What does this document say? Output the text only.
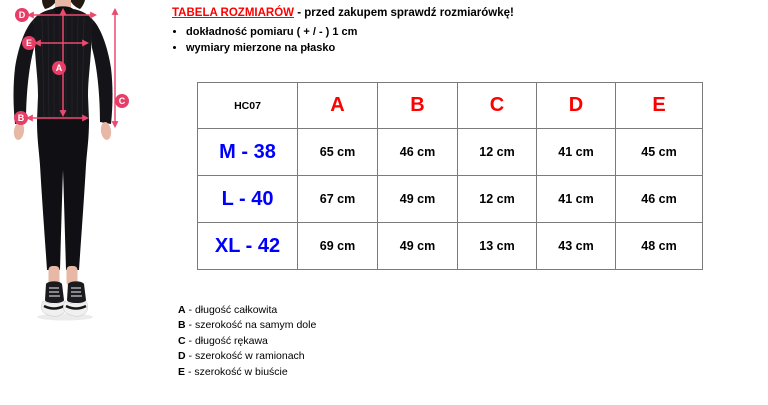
D
E
A
B
C
TABELA ROZMIARÓW - przed zakupem sprawdź rozmiarówkę!
• dokładność pomiaru ( + / - ) 1 cm
• wymiary mierzone na płasko
HC07	A	B	C	D	E
M - 38	65 cm	46 cm	12 cm	41 cm	45 cm
L - 40	67 cm	49 cm	12 cm	41 cm	46 cm
XL - 42	69 cm	49 cm	13 cm	43 cm	48 cm
A - długość całkowita
B - szerokość na samym dole
C - długość rękawa
D - szerokość w ramionach
E - szerokość w biuście
